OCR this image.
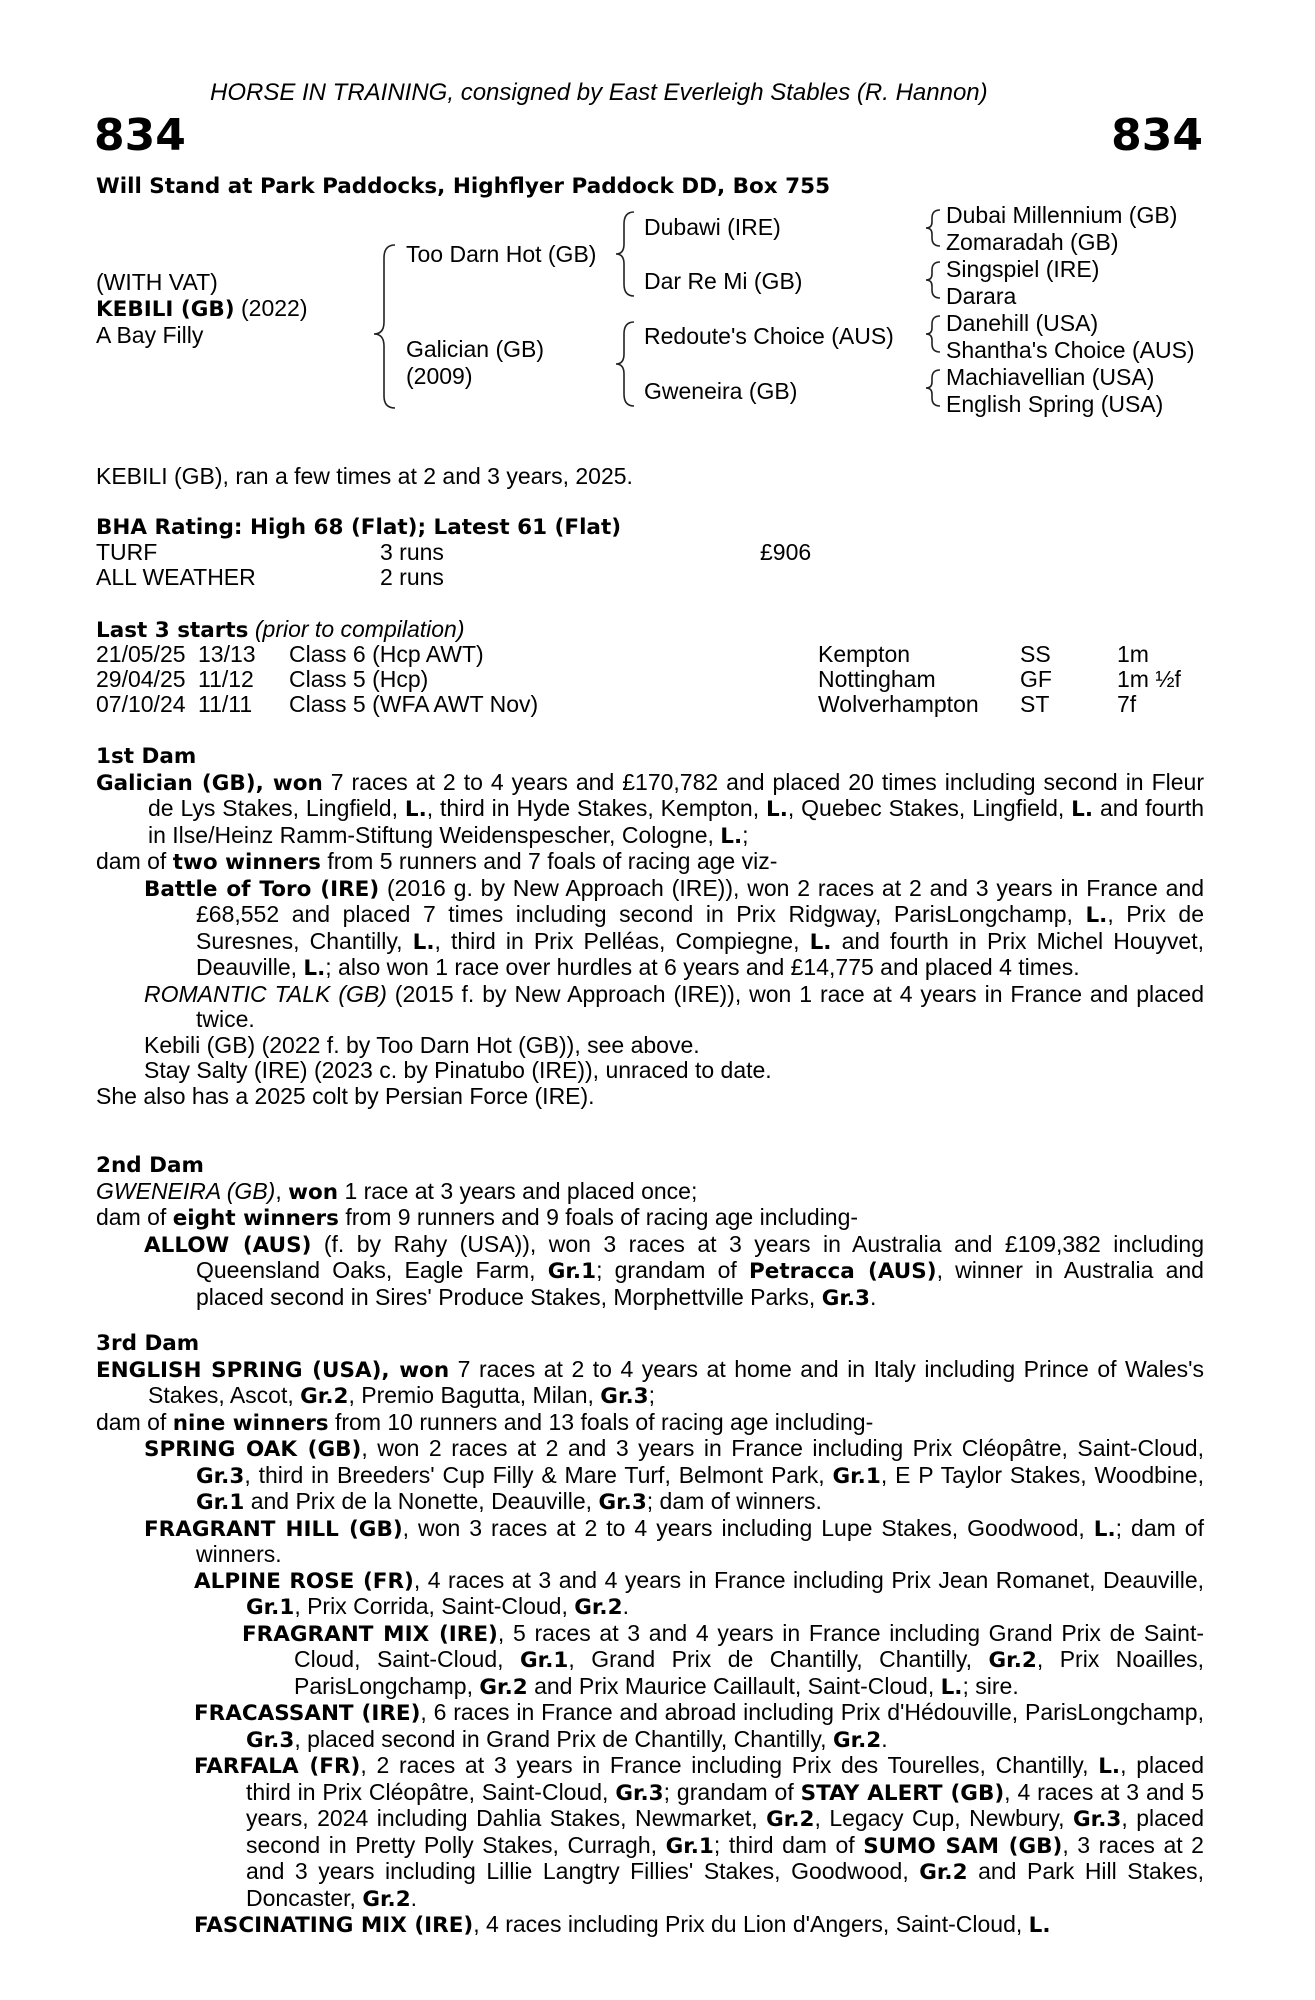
HORSE IN TRAINING, consigned by East Everleigh Stables (R. Hannon)
834	834
Will Stand at Park Paddocks, Highflyer Paddock DD, Box 755
(WITH VAT)
KEBILI (GB) (2022)
A Bay Filly
Too Darn Hot (GB)
Galician (GB)
(2009)
Dubawi (IRE)
Dar Re Mi (GB)
Redoute's Choice (AUS)
Gweneira (GB)
Dubai Millennium (GB)
Zomaradah (GB)
Singspiel (IRE)
Darara
Danehill (USA)
Shantha's Choice (AUS)
Machiavellian (USA)
English Spring (USA)
KEBILI (GB), ran a few times at 2 and 3 years, 2025.
BHA Rating: High 68 (Flat); Latest 61 (Flat)
TURF	3 runs	£906
ALL WEATHER	2 runs
Last 3 starts (prior to compilation)
21/05/25 13/13 Class 6 (Hcp AWT)	Kempton	SS	1m
29/04/25 11/12 Class 5 (Hcp)	Nottingham	GF	1m ½f
07/10/24 11/11 Class 5 (WFA AWT Nov)	Wolverhampton ST	7f

1st Dam

Galician (GB), won 7 races at 2 to 4 years and £170,782 and placed 20 times including second in Fleur de Lys Stakes, Lingfield, L., third in Hyde Stakes, Kempton, L., Quebec Stakes, Lingfield, L. and fourth in Ilse/Heinz Ramm-Stiftung Weidenspescher, Cologne, L.;

dam of two winners from 5 runners and 7 foals of racing age viz-

Battle of Toro (IRE) (2016 g. by New Approach (IRE)), won 2 races at 2 and 3 years in France and £68,552 and placed 7 times including second in Prix Ridgway, ParisLongchamp, L., Prix de Suresnes, Chantilly, L., third in Prix Pelléas, Compiegne, L. and fourth in Prix Michel Houyvet, Deauville, L.; also won 1 race over hurdles at 6 years and £14,775 and placed 4 times.

ROMANTIC TALK (GB) (2015 f. by New Approach (IRE)), won 1 race at 4 years in France and placed twice.

Kebili (GB) (2022 f. by Too Darn Hot (GB)), see above.

Stay Salty (IRE) (2023 c. by Pinatubo (IRE)), unraced to date.

She also has a 2025 colt by Persian Force (IRE).

2nd Dam

GWENEIRA (GB), won 1 race at 3 years and placed once;

dam of eight winners from 9 runners and 9 foals of racing age including-

ALLOW (AUS) (f. by Rahy (USA)), won 3 races at 3 years in Australia and £109,382 including Queensland Oaks, Eagle Farm, Gr.1; grandam of Petracca (AUS), winner in Australia and placed second in Sires' Produce Stakes, Morphettville Parks, Gr.3.

3rd Dam

ENGLISH SPRING (USA), won 7 races at 2 to 4 years at home and in Italy including Prince of Wales's Stakes, Ascot, Gr.2, Premio Bagutta, Milan, Gr.3;

dam of nine winners from 10 runners and 13 foals of racing age including-

SPRING OAK (GB), won 2 races at 2 and 3 years in France including Prix Cléopâtre, Saint-Cloud, Gr.3, third in Breeders' Cup Filly & Mare Turf, Belmont Park, Gr.1, E P Taylor Stakes, Woodbine, Gr.1 and Prix de la Nonette, Deauville, Gr.3; dam of winners.

FRAGRANT HILL (GB), won 3 races at 2 to 4 years including Lupe Stakes, Goodwood, L.; dam of winners.

ALPINE ROSE (FR), 4 races at 3 and 4 years in France including Prix Jean Romanet, Deauville, Gr.1, Prix Corrida, Saint-Cloud, Gr.2.

FRAGRANT MIX (IRE), 5 races at 3 and 4 years in France including Grand Prix de Saint-Cloud, Saint-Cloud, Gr.1, Grand Prix de Chantilly, Chantilly, Gr.2, Prix Noailles, ParisLongchamp, Gr.2 and Prix Maurice Caillault, Saint-Cloud, L.; sire.

FRACASSANT (IRE), 6 races in France and abroad including Prix d'Hédouville, ParisLongchamp, Gr.3, placed second in Grand Prix de Chantilly, Chantilly, Gr.2.

FARFALA (FR), 2 races at 3 years in France including Prix des Tourelles, Chantilly, L., placed third in Prix Cléopâtre, Saint-Cloud, Gr.3; grandam of STAY ALERT (GB), 4 races at 3 and 5 years, 2024 including Dahlia Stakes, Newmarket, Gr.2, Legacy Cup, Newbury, Gr.3, placed second in Pretty Polly Stakes, Curragh, Gr.1; third dam of SUMO SAM (GB), 3 races at 2 and 3 years including Lillie Langtry Fillies' Stakes, Goodwood, Gr.2 and Park Hill Stakes, Doncaster, Gr.2.

FASCINATING MIX (IRE), 4 races including Prix du Lion d'Angers, Saint-Cloud, L.
